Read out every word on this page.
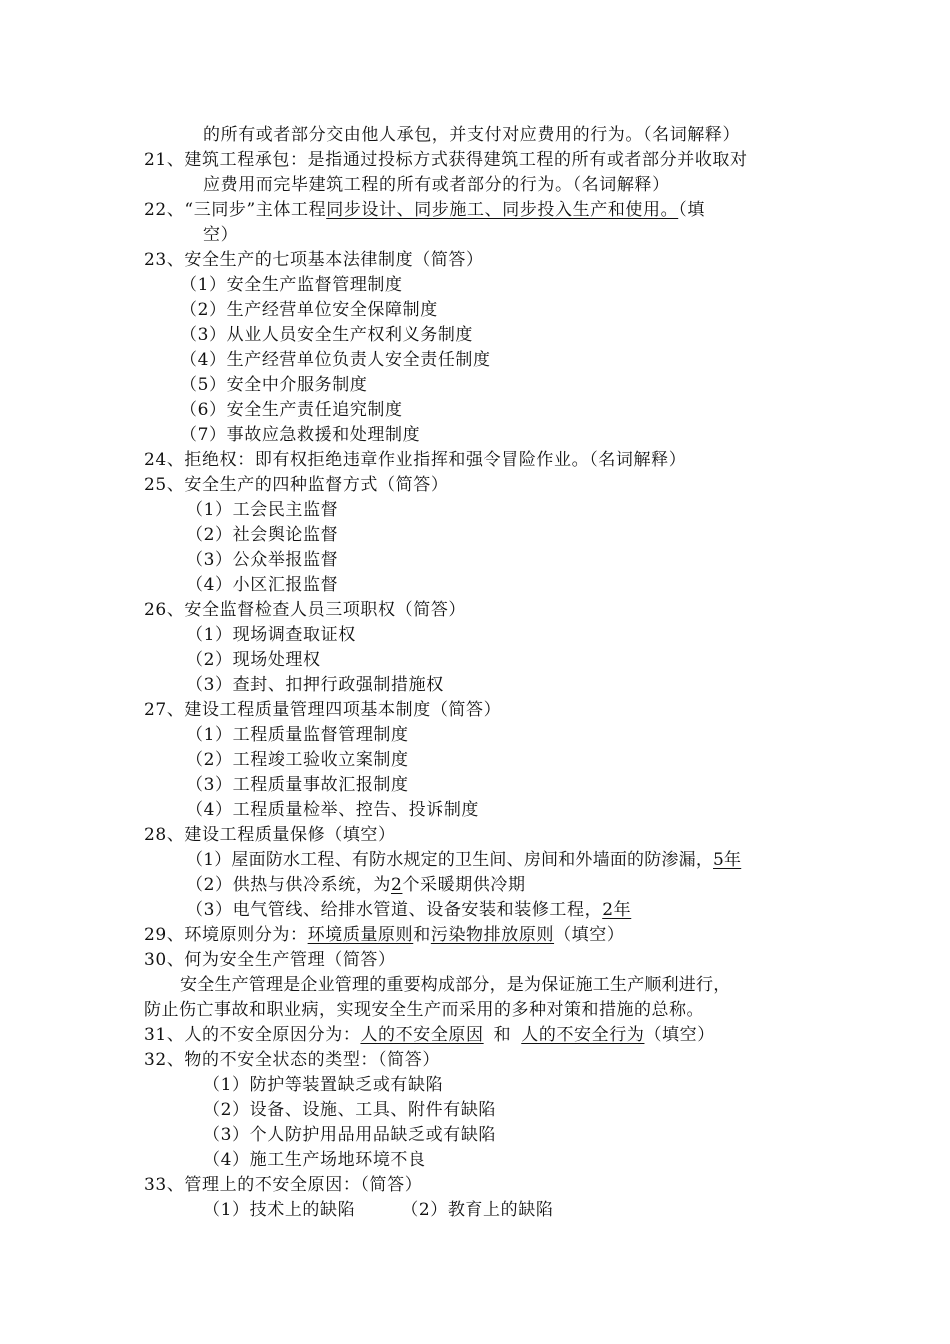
的所有或者部分交由他人承包，并支付对应费用的行为。（名词解释）
21、建筑工程承包：是指通过投标方式获得建筑工程的所有或者部分并收取对
应费用而完毕建筑工程的所有或者部分的行为。（名词解释）
22、“三同步”主体工程同步设计、同步施工、同步投入生产和使用。（填
空）
23、安全生产的七项基本法律制度（简答）
（1）安全生产监督管理制度
（2）生产经营单位安全保障制度
（3）从业人员安全生产权利义务制度
（4）生产经营单位负责人安全责任制度
（5）安全中介服务制度
（6）安全生产责任追究制度
（7）事故应急救援和处理制度
24、拒绝权：即有权拒绝违章作业指挥和强令冒险作业。（名词解释）
25、安全生产的四种监督方式（简答）
（1）工会民主监督
（2）社会舆论监督
（3）公众举报监督
（4）小区汇报监督
26、安全监督检查人员三项职权（简答）
（1）现场调查取证权
（2）现场处理权
（3）查封、扣押行政强制措施权
27、建设工程质量管理四项基本制度（简答）
（1）工程质量监督管理制度
（2）工程竣工验收立案制度
（3）工程质量事故汇报制度
（4）工程质量检举、控告、投诉制度
28、建设工程质量保修（填空）
（1）屋面防水工程、有防水规定的卫生间、房间和外墙面的防渗漏，5年
（2）供热与供冷系统，为2个采暖期供冷期
（3）电气管线、给排水管道、设备安装和装修工程，2年
29、环境原则分为：环境质量原则和污染物排放原则（填空）
30、何为安全生产管理（简答）
安全生产管理是企业管理的重要构成部分，是为保证施工生产顺利进行，
防止伤亡事故和职业病，实现安全生产而采用的多种对策和措施的总称。
31、人的不安全原因分为：人的不安全原因 和 人的不安全行为（填空）
32、物的不安全状态的类型：（简答）
（1）防护等装置缺乏或有缺陷
（2）设备、设施、工具、附件有缺陷
（3）个人防护用品用品缺乏或有缺陷
（4）施工生产场地环境不良
33、管理上的不安全原因：（简答）
（1）技术上的缺陷	（2）教育上的缺陷
